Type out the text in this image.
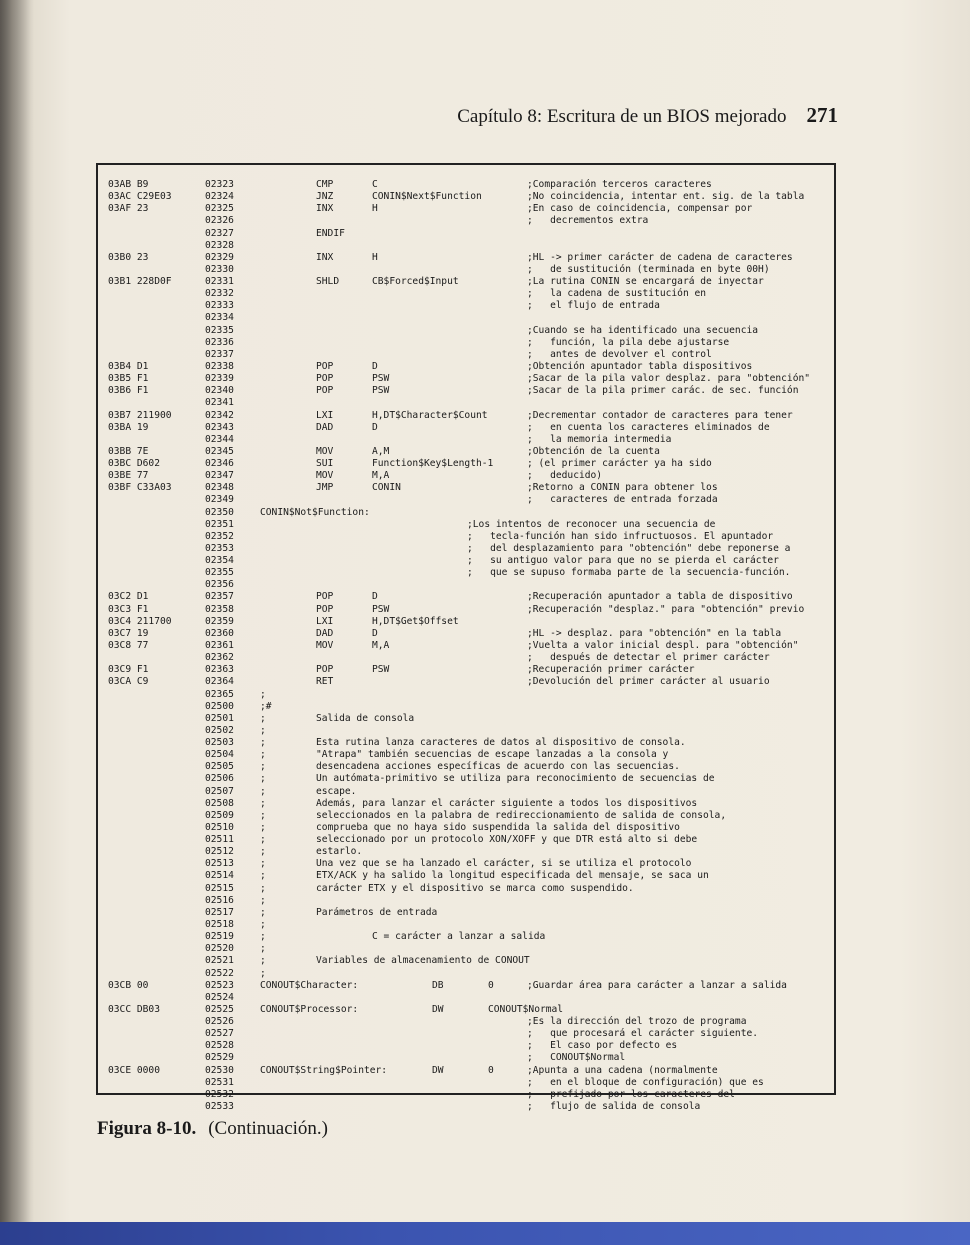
Capítulo 8: Escritura de un BIOS mejorado 271
03AB B9	02323	CMP	C	;Comparación terceros caracteres
03AC C29E03	02324	JNZ	CONIN$Next$Function	;No coincidencia, intentar ent. sig. de la tabla
03AF 23	02325	INX	H	;En caso de coincidencia, compensar por
02326	;   decrementos extra
02327	ENDIF
02328
03B0 23	02329	INX	H	;HL -> primer carácter de cadena de caracteres
02330	;   de sustitución (terminada en byte 00H)
03B1 228D0F	02331	SHLD	CB$Forced$Input	;La rutina CONIN se encargará de inyectar
02332	;   la cadena de sustitución en
02333	;   el flujo de entrada
02334
02335	;Cuando se ha identificado una secuencia
02336	;   función, la pila debe ajustarse
02337	;   antes de devolver el control
03B4 D1	02338	POP	D	;Obtención apuntador tabla dispositivos
03B5 F1	02339	POP	PSW	;Sacar de la pila valor desplaz. para "obtención"
03B6 F1	02340	POP	PSW	;Sacar de la pila primer carác. de sec. función
02341
03B7 211900	02342	LXI	H,DT$Character$Count	;Decrementar contador de caracteres para tener
03BA 19	02343	DAD	D	;   en cuenta los caracteres eliminados de
02344	;   la memoria intermedia
03BB 7E	02345	MOV	A,M	;Obtención de la cuenta
03BC D602	02346	SUI	Function$Key$Length-1	; (el primer carácter ya ha sido
03BE 77	02347	MOV	M,A	;   deducido)
03BF C33A03	02348	JMP	CONIN	;Retorno a CONIN para obtener los
02349	;   caracteres de entrada forzada
02350	CONIN$Not$Function:
02351	;Los intentos de reconocer una secuencia de
02352	;   tecla-función han sido infructuosos. El apuntador
02353	;   del desplazamiento para "obtención" debe reponerse a
02354	;   su antiguo valor para que no se pierda el carácter
02355	;   que se supuso formaba parte de la secuencia-función.
02356
03C2 D1	02357	POP	D	;Recuperación apuntador a tabla de dispositivo
03C3 F1	02358	POP	PSW	;Recuperación "desplaz." para "obtención" previo
03C4 211700	02359	LXI	H,DT$Get$Offset
03C7 19	02360	DAD	D	;HL -> desplaz. para "obtención" en la tabla
03C8 77	02361	MOV	M,A	;Vuelta a valor inicial despl. para "obtención"
02362	;   después de detectar el primer carácter
03C9 F1	02363	POP	PSW	;Recuperación primer carácter
03CA C9	02364	RET	;Devolución del primer carácter al usuario
02365	;
02500	;#
02501	;	Salida de consola
02502	;
02503	;	Esta rutina lanza caracteres de datos al dispositivo de consola.
02504	;	"Atrapa" también secuencias de escape lanzadas a la consola y
02505	;	desencadena acciones específicas de acuerdo con las secuencias.
02506	;	Un autómata-primitivo se utiliza para reconocimiento de secuencias de
02507	;	escape.
02508	;	Además, para lanzar el carácter siguiente a todos los dispositivos
02509	;	seleccionados en la palabra de redireccionamiento de salida de consola,
02510	;	comprueba que no haya sido suspendida la salida del dispositivo
02511	;	seleccionado por un protocolo XON/XOFF y que DTR está alto si debe
02512	;	estarlo.
02513	;	Una vez que se ha lanzado el carácter, si se utiliza el protocolo
02514	;	ETX/ACK y ha salido la longitud especificada del mensaje, se saca un
02515	;	carácter ETX y el dispositivo se marca como suspendido.
02516	;
02517	;	Parámetros de entrada
02518	;
02519	;	C = carácter a lanzar a salida
02520	;
02521	;	Variables de almacenamiento de CONOUT
02522	;
03CB 00	02523	CONOUT$Character:	DB	0	;Guardar área para carácter a lanzar a salida
02524
03CC DB03	02525	CONOUT$Processor:	DW	CONOUT$Normal
02526	;Es la dirección del trozo de programa
02527	;   que procesará el carácter siguiente.
02528	;   El caso por defecto es
02529	;   CONOUT$Normal
03CE 0000	02530	CONOUT$String$Pointer:	DW	0	;Apunta a una cadena (normalmente
02531	;   en el bloque de configuración) que es
02532	;   prefijado por los caracteres del
02533	;   flujo de salida de consola
Figura 8-10. (Continuación.)
